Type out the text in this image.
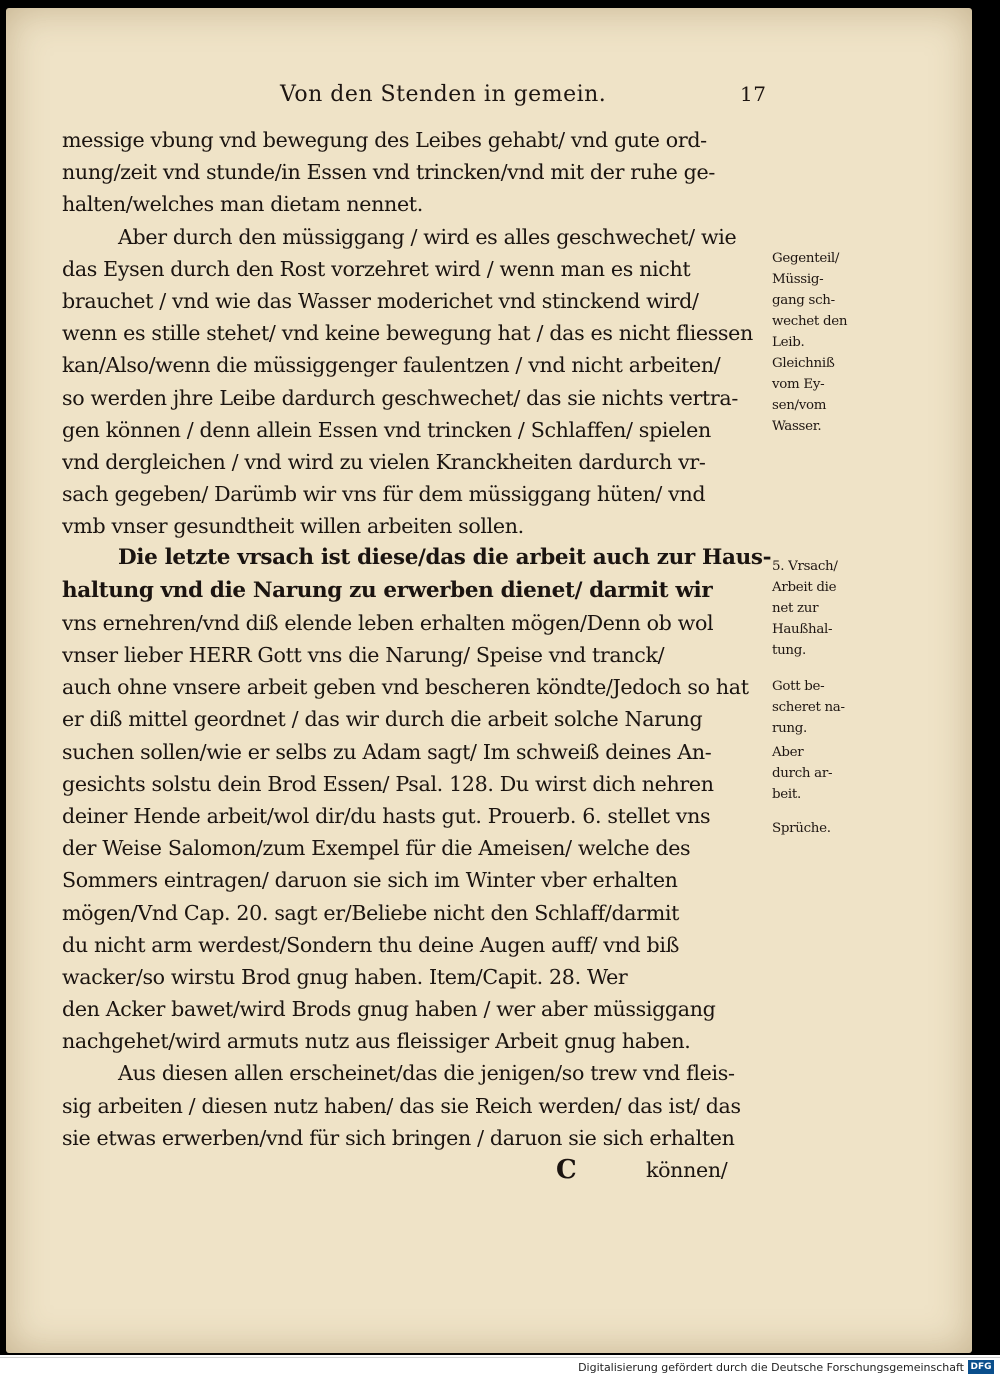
Von den Stenden in gemein.	17
messige vbung vnd bewegung des Leibes gehabt/ vnd gute ord-
nung/zeit vnd stunde/in Essen vnd trincken/vnd mit der ruhe ge-
halten/welches man dietam nennet.
Aber durch den müssiggang / wird es alles geschwechet/ wie
das Eysen durch den Rost vorzehret wird / wenn man es nicht
brauchet / vnd wie das Wasser moderichet vnd stinckend wird/
wenn es stille stehet/ vnd keine bewegung hat / das es nicht fliessen
kan/Also/wenn die müssiggenger faulentzen / vnd nicht arbeiten/
so werden jhre Leibe dardurch geschwechet/ das sie nichts vertra-
gen können / denn allein Essen vnd trincken / Schlaffen/ spielen
vnd dergleichen / vnd wird zu vielen Kranckheiten dardurch vr-
sach gegeben/ Darümb wir vns für dem müssiggang hüten/ vnd
vmb vnser gesundtheit willen arbeiten sollen.
Die letzte vrsach ist diese/das die arbeit auch zur Haus-
haltung vnd die Narung zu erwerben dienet/ darmit wir
vns ernehren/vnd diß elende leben erhalten mögen/Denn ob wol
vnser lieber HERR Gott vns die Narung/ Speise vnd tranck/
auch ohne vnsere arbeit geben vnd bescheren köndte/Jedoch so hat
er diß mittel geordnet / das wir durch die arbeit solche Narung
suchen sollen/wie er selbs zu Adam sagt/ Im schweiß deines An-
gesichts solstu dein Brod Essen/ Psal. 128. Du wirst dich nehren
deiner Hende arbeit/wol dir/du hasts gut. Prouerb. 6. stellet vns
der Weise Salomon/zum Exempel für die Ameisen/ welche des
Sommers eintragen/ daruon sie sich im Winter vber erhalten
mögen/Vnd Cap. 20. sagt er/Beliebe nicht den Schlaff/darmit
du nicht arm werdest/Sondern thu deine Augen auff/ vnd biß
wacker/so wirstu Brod gnug haben. Item/Capit. 28. Wer
den Acker bawet/wird Brods gnug haben / wer aber müssiggang
nachgehet/wird armuts nutz aus fleissiger Arbeit gnug haben.
Aus diesen allen erscheinet/das die jenigen/so trew vnd fleis-
sig arbeiten / diesen nutz haben/ das sie Reich werden/ das ist/ das
sie etwas erwerben/vnd für sich bringen / daruon sie sich erhalten
C	können/
Gegenteil/
Müssig-
gang sch-
wechet den
Leib.
Gleichniß
vom Ey-
sen/vom
Wasser.
5. Vrsach/
Arbeit die
net zur
Haußhal-
tung.
Gott be-
scheret na-
rung.
Aber
durch ar-
beit.
Sprüche.
Digitalisierung gefördert durch die Deutsche Forschungsgemeinschaft DFG
